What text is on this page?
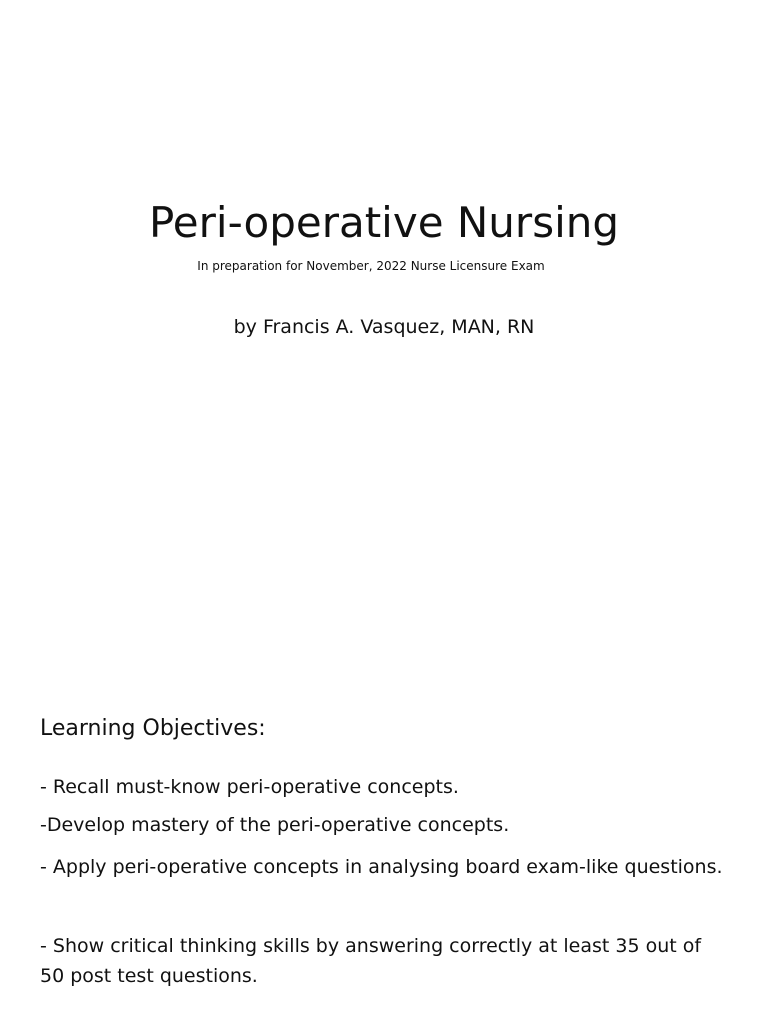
Peri-operative Nursing
In preparation for November, 2022 Nurse Licensure Exam
by Francis A. Vasquez, MAN, RN
Learning Objectives:
- Recall must-know peri-operative concepts.
-Develop mastery of the peri-operative concepts.
- Apply peri-operative concepts in analysing board exam-like questions.
- Show critical thinking skills by answering correctly at least 35 out of 50 post test questions.
